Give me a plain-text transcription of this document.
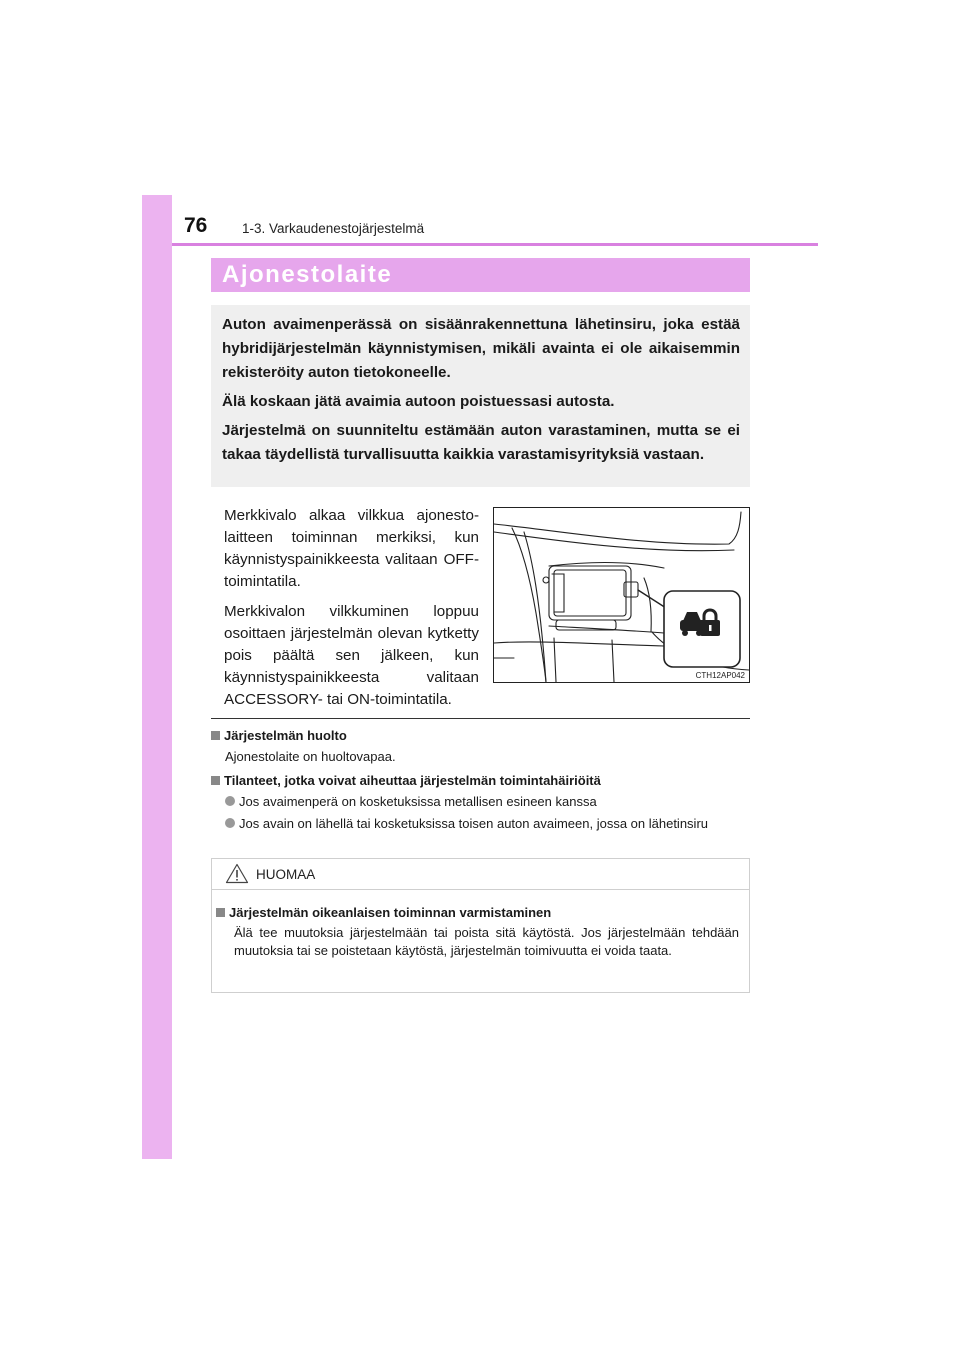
76	1-3. Varkaudenestojärjestelmä
Ajonestolaite

Auton avaimenperässä on sisäänrakennettuna lähetinsiru, joka estää hybridijärjestelmän käynnistymisen, mikäli avainta ei ole aikaisemmin rekisteröity auton tietokoneelle.

Älä koskaan jätä avaimia autoon poistuessasi autosta.

Järjestelmä on suunniteltu estämään auton varastaminen, mutta se ei takaa täydellistä turvallisuutta kaikkia varastamisyrityksiä vastaan.

Merkkivalo alkaa vilkkua ajonestolaitteen toiminnan merkiksi, kun käynnistyspainikkeesta valitaan OFF-toimintatila.

Merkkivalon vilkkuminen loppuu osoittaen järjestelmän olevan kytketty pois päältä sen jälkeen, kun käynnistyspainikkeesta valitaan ACCESSORY- tai ON-toimintatila.

CTH12AP042
Järjestelmän huolto
Ajonestolaite on huoltovapaa.
Tilanteet, jotka voivat aiheuttaa järjestelmän toimintahäiriöitä
Jos avaimenperä on kosketuksissa metallisen esineen kanssa
Jos avain on lähellä tai kosketuksissa toisen auton avaimeen, jossa on lähetinsiru
HUOMAA
Järjestelmän oikeanlaisen toiminnan varmistaminen
Älä tee muutoksia järjestelmään tai poista sitä käytöstä. Jos järjestelmään tehdään muutoksia tai se poistetaan käytöstä, järjestelmän toimivuutta ei voida taata.
